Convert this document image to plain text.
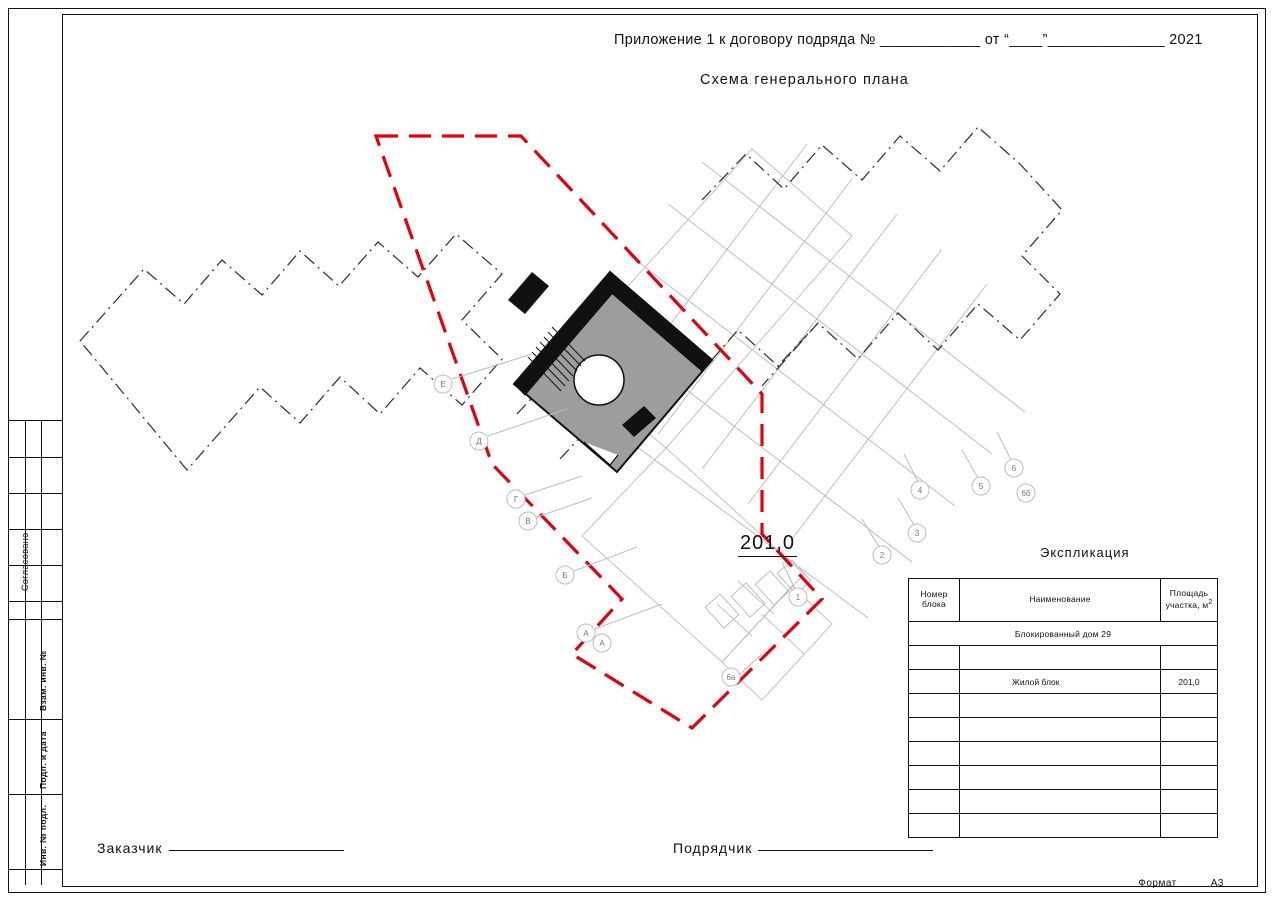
Согласовано
Взам. инв. №
Подп. и дата
Инв. № подл.
Приложение 1 к договору подряда № ____________ от “____”______________ 2021
Схема генерального плана
Е
Д
Г
В
Б
А
А
6а
1
2
3
4	5
6
6б
201,0	Экспликация
Номер блока	Наименование	Площадь участка, $м^2$
Блокированный дом 29		

	Жилой блок	201,0

Заказчик	Подрядчик
Формат	А3
